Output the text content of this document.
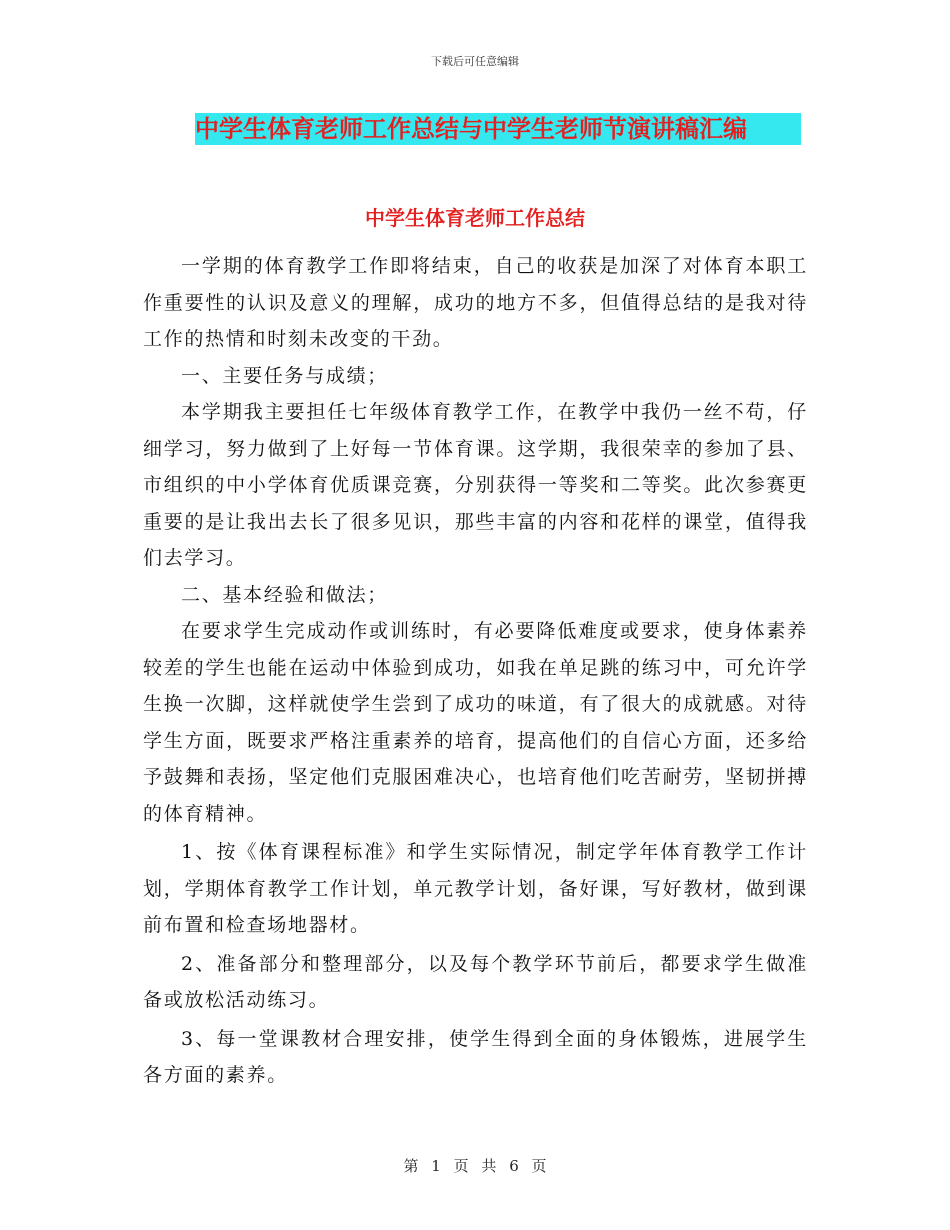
下载后可任意编辑
中学生体育老师工作总结与中学生老师节演讲稿汇编
中学生体育老师工作总结

一学期的体育教学工作即将结束，自己的收获是加深了对体育本职工作重要性的认识及意义的理解，成功的地方不多，但值得总结的是我对待工作的热情和时刻未改变的干劲。

一、主要任务与成绩；

本学期我主要担任七年级体育教学工作，在教学中我仍一丝不苟，仔细学习，努力做到了上好每一节体育课。这学期，我很荣幸的参加了县、市组织的中小学体育优质课竞赛，分别获得一等奖和二等奖。此次参赛更重要的是让我出去长了很多见识，那些丰富的内容和花样的课堂，值得我们去学习。

二、基本经验和做法；

在要求学生完成动作或训练时，有必要降低难度或要求，使身体素养较差的学生也能在运动中体验到成功，如我在单足跳的练习中，可允许学生换一次脚，这样就使学生尝到了成功的味道，有了很大的成就感。对待学生方面，既要求严格注重素养的培育，提高他们的自信心方面，还多给予鼓舞和表扬，坚定他们克服困难决心，也培育他们吃苦耐劳，坚韧拼搏的体育精神。

1、按《体育课程标准》和学生实际情况，制定学年体育教学工作计划，学期体育教学工作计划，单元教学计划，备好课，写好教材，做到课前布置和检查场地器材。

2、准备部分和整理部分，以及每个教学环节前后，都要求学生做准备或放松活动练习。

3、每一堂课教材合理安排，使学生得到全面的身体锻炼，进展学生各方面的素养。

第 1 页 共 6 页
